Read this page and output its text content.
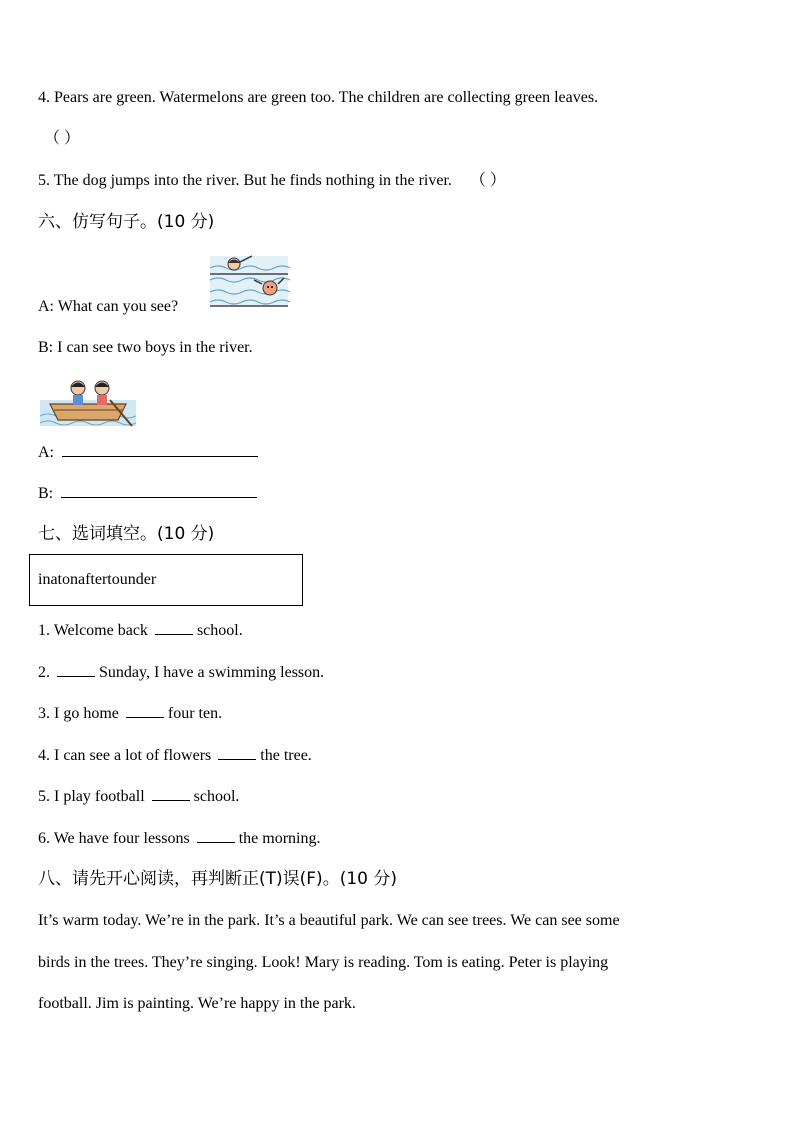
4. Pears are green. Watermelons are green too. The children are collecting green leaves.
（ ）
5. The dog jumps into the river. But he finds nothing in the river. （ ）
六、仿写句子。(10 分)
A: What can you see?
B: I can see two boys in the river.
A:
B:
七、选词填空。(10 分)
inatonaftertounder
1. Welcome back	school.
2.	Sunday, I have a swimming lesson.
3. I go home	four ten.
4. I can see a lot of flowers	the tree.
5. I play football	school.
6. We have four lessons	the morning.
八、请先开心阅读，再判断正(T)误(F)。(10 分)
It’s warm today. We’re in the park. It’s a beautiful park. We can see trees. We can see some
birds in the trees. They’re singing. Look! Mary is reading. Tom is eating. Peter is playing
football. Jim is painting. We’re happy in the park.
